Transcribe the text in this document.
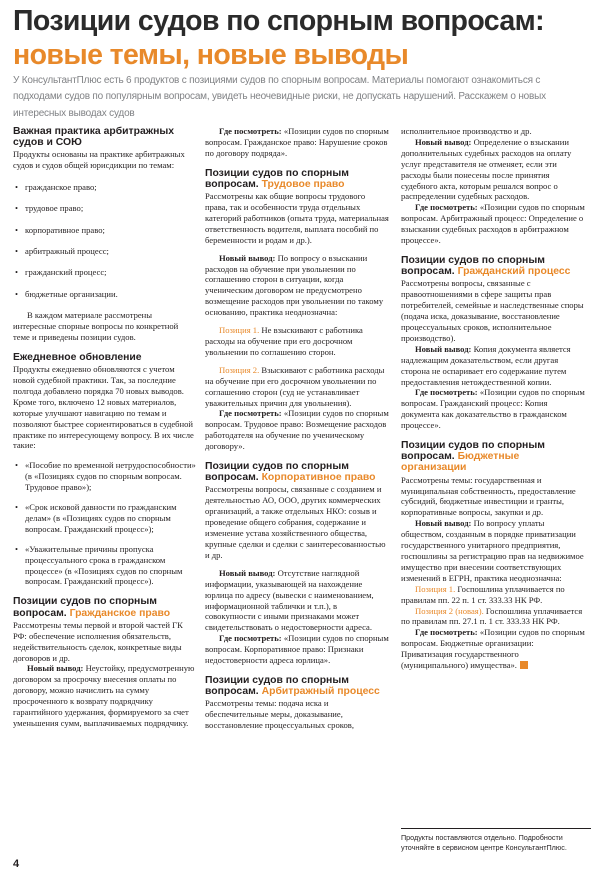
Позиции судов по спорным вопросам:
новые темы, новые выводы
У КонсультантПлюс есть 6 продуктов с позициями судов по спорным вопросам. Материалы помогают ознакомиться с подходами судов по популярным вопросам, увидеть неочевидные риски, не допускать нарушений. Расскажем о новых интересных выводах судов
Важная практика арбитражных судов и СОЮ

Продукты основаны на практике арбитражных судов и судов общей юрисдикции по темам:

• гражданское право;
• трудовое право;
• корпоративное право;
• арбитражный процесс;
• гражданский процесс;
• бюджетные организации.

В каждом материале рассмотрены интересные спорные вопросы по конкретной теме и приведены позиции судов.

Ежедневное обновление

Продукты ежедневно обновляются с учетом новой судебной практики. Так, за последние полгода добавлено порядка 70 новых выводов. Кроме того, включено 12 новых материалов, которые улучшают навигацию по темам и позволяют быстрее сориентироваться в судебной практике по интересующему вопросу. В их числе такие:

• «Пособие по временной нетрудоспособности» (в «Позициях судов по спорным вопросам. Трудовое право»);
• «Срок исковой давности по гражданским делам» (в «Позициях судов по спорным вопросам. Гражданский процесс»);
• «Уважительные причины пропуска процессуального срока в гражданском процессе» (в «Позициях судов по спорным вопросам. Гражданский процесс»).
Позиции судов по спорным вопросам. Гражданское право

Рассмотрены темы первой и второй частей ГК РФ: обеспечение исполнения обязательств, недействительность сделок, конкретные виды договоров и др.

Новый вывод: Неустойку, предусмотренную договором за просрочку внесения оплаты по договору, можно начислить на сумму просроченного к возврату подрядчику гарантийного удержания, формируемого за счет уменьшения сумм, выплачиваемых подрядчику.

Где посмотреть: «Позиции судов по спорным вопросам. Гражданское право: Нарушение сроков по договору подряда».

Позиции судов по спорным вопросам. Трудовое право

Рассмотрены как общие вопросы трудового права, так и особенности труда отдельных категорий работников (опыта труда, материальная ответственность водителя, выплата пособий по беременности и родам и др.).

Новый вывод: По вопросу о взыскании расходов на обучение при увольнении по соглашению сторон в ситуации, когда ученическим договором не предусмотрено возмещение расходов при увольнении по такому основанию, практика неоднозначна:

Позиция 1. Не взыскивают с работника расходы на обучение при его досрочном увольнении по соглашению сторон.

Позиция 2. Взыскивают с работника расходы на обучение при его досрочном увольнении по соглашению сторон (суд не устанавливает уважительных причин для увольнения).

Где посмотреть: «Позиции судов по спорным вопросам. Трудовое право: Возмещение расходов работодателя на обучение по ученическому договору».

Позиции судов по спорным вопросам. Корпоративное право

Рассмотрены вопросы, связанные с созданием и деятельностью АО, ООО, других коммерческих организаций, а также отдельных НКО: созыв и проведение общего собрания, содержание и изменение устава хозяйственного общества, крупные сделки и сделки с заинтересованностью и др.

Новый вывод: Отсутствие наглядной информации, указывающей на нахождение юрлица по адресу (вывески с наименованием, информационной таблички и т.п.), в совокупности с иными признаками может свидетельствовать о недостоверности адреса.

Где посмотреть: «Позиции судов по спорным вопросам. Корпоративное право: Признаки недостоверности адреса юрлица».

Позиции судов по спорным вопросам. Арбитражный процесс

Рассмотрены темы: подача иска и обеспечительные меры, доказывание, восстановление процессуальных сроков,

исполнительное производство и др.

Новый вывод: Определение о взыскании дополнительных судебных расходов на оплату услуг представителя не отменяет, если эти расходы были понесены после принятия судебного акта, которым решался вопрос о распределении судебных расходов.

Где посмотреть: «Позиции судов по спорным вопросам. Арбитражный процесс: Определение о взыскании судебных расходов в арбитражном процессе».

Позиции судов по спорным вопросам. Гражданский процесс

Рассмотрены вопросы, связанные с правоотношениями в сфере защиты прав потребителей, семейные и наследственные споры (подача иска, доказывание, восстановление процессуальных сроков, исполнительное производство).

Новый вывод: Копия документа является надлежащим доказательством, если другая сторона не оспаривает его содержание путем предоставления нетождественной копии.

Где посмотреть: «Позиции судов по спорным вопросам. Гражданский процесс: Копия документа как доказательство в гражданском процессе».

Позиции судов по спорным вопросам. Бюджетные организации

Рассмотрены темы: государственная и муниципальная собственность, предоставление субсидий, бюджетные инвестиции и гранты, корпоративные вопросы, закупки и др.

Новый вывод: По вопросу уплаты обществом, созданным в порядке приватизации государственного унитарного предприятия, госпошлины за регистрацию прав на недвижимое имущество при внесении соответствующих изменений в ЕГРН, практика неоднозначна:

Позиция 1. Госпошлина уплачивается по правилам пп. 22 п. 1 ст. 333.33 НК РФ.

Позиция 2 (новая). Госпошлина уплачивается по правилам пп. 27.1 п. 1 ст. 333.33 НК РФ.

Где посмотреть: «Позиции судов по спорным вопросам. Бюджетные организации: Приватизация государственного (муниципального) имущества».

Продукты поставляются отдельно. Подробности уточняйте в сервисном центре КонсультантПлюс.
4
